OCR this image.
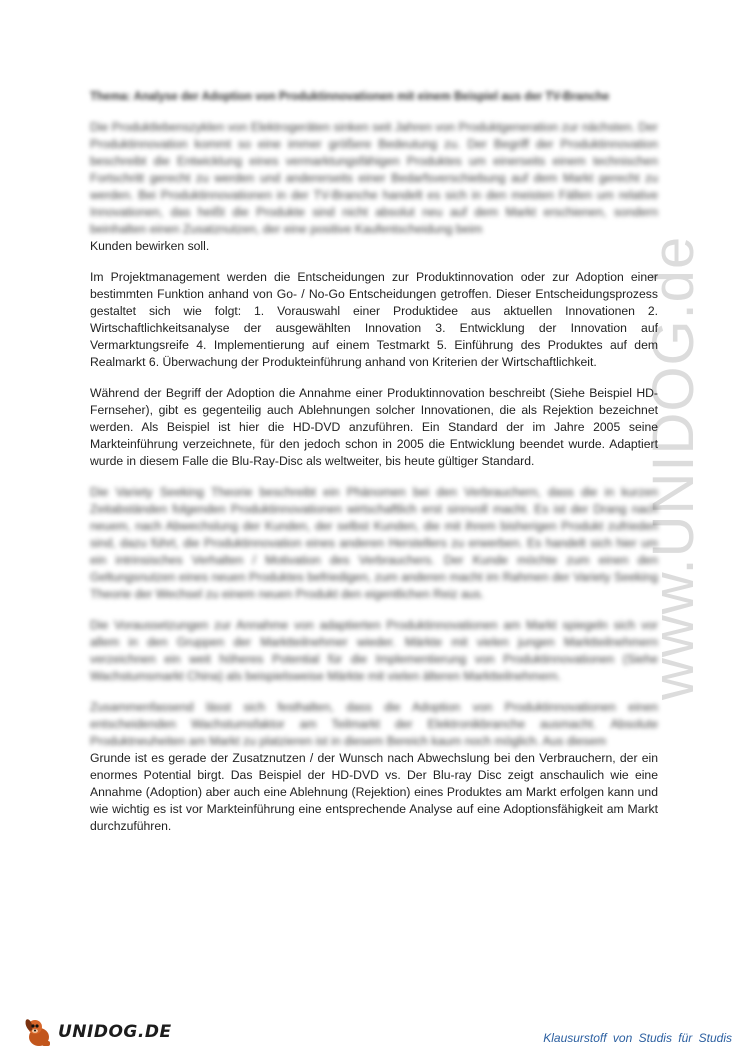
www.UNIDOG.de
Thema: Analyse der Adoption von Produktinnovationen mit einem Beispiel aus der TV-Branche
Die Produktlebenszyklen von Elektrogeräten sinken seit Jahren von Produktgeneration zur nächsten. Der Produktinnovation kommt so eine immer größere Bedeutung zu. Der Begriff der Produktinnovation beschreibt die Entwicklung eines vermarktungsfähigen Produktes um einerseits einem technischen Fortschritt gerecht zu werden und andererseits einer Bedarfsverschiebung auf dem Markt gerecht zu werden. Bei Produktinnovationen in der TV-Branche handelt es sich in den meisten Fällen um relative Innovationen, das heißt die Produkte sind nicht absolut neu auf dem Markt erschienen, sondern beinhalten einen Zusatznutzen, der eine positive Kaufentscheidung beim
Kunden bewirken soll.

Im Projektmanagement werden die Entscheidungen zur Produktinnovation oder zur Adoption einer bestimmten Funktion anhand von Go- / No-Go Entscheidungen getroffen. Dieser Entscheidungsprozess gestaltet sich wie folgt: 1. Vorauswahl einer Produktidee aus aktuellen Innovationen 2. Wirtschaftlichkeitsanalyse der ausgewählten Innovation 3. Entwicklung der Innovation auf Vermarktungsreife 4. Implementierung auf einem Testmarkt 5. Einführung des Produktes auf dem Realmarkt 6. Überwachung der Produkteinführung anhand von Kriterien der Wirtschaftlichkeit.

Während der Begriff der Adoption die Annahme einer Produktinnovation beschreibt (Siehe Beispiel HD-Fernseher), gibt es gegenteilig auch Ablehnungen solcher Innovationen, die als Rejektion bezeichnet werden. Als Beispiel ist hier die HD-DVD anzuführen. Ein Standard der im Jahre 2005 seine Markteinführung verzeichnete, für den jedoch schon in 2005 die Entwicklung beendet wurde. Adaptiert wurde in diesem Falle die Blu-Ray-Disc als weltweiter, bis heute gültiger Standard.

Die Variety Seeking Theorie beschreibt ein Phänomen bei den Verbrauchern, dass die in kurzen Zeitabständen folgenden Produktinnovationen wirtschaftlich erst sinnvoll macht. Es ist der Drang nach neuem, nach Abwechslung der Kunden, der selbst Kunden, die mit ihrem bisherigen Produkt zufrieden sind, dazu führt, die Produktinnovation eines anderen Herstellers zu erwerben. Es handelt sich hier um ein intrinsisches Verhalten / Motivation des Verbrauchers. Der Kunde möchte zum einen den Geltungsnutzen eines neuen Produktes befriedigen, zum anderen macht im Rahmen der Variety Seeking Theorie der Wechsel zu einem neuen Produkt den eigentlichen Reiz aus.

Die Voraussetzungen zur Annahme von adaptierten Produktinnovationen am Markt spiegeln sich vor allem in den Gruppen der Marktteilnehmer wieder. Märkte mit vielen jungen Marktteilnehmern verzeichnen ein weit höheres Potential für die Implementierung von Produktinnovationen (Siehe Wachstumsmarkt China) als beispielsweise Märkte mit vielen älteren Marktteilnehmern.

Zusammenfassend lässt sich festhalten, dass die Adoption von Produktinnovationen einen entscheidenden Wachstumsfaktor am Teilmarkt der Elektronikbranche ausmacht. Absolute Produktneuheiten am Markt zu platzieren ist in diesem Bereich kaum noch möglich. Aus diesem
Grunde ist es gerade der Zusatznutzen / der Wunsch nach Abwechslung bei den Verbrauchern, der ein enormes Potential birgt. Das Beispiel der HD-DVD vs. Der Blu-ray Disc zeigt anschaulich wie eine Annahme (Adoption) aber auch eine Ablehnung (Rejektion) eines Produktes am Markt erfolgen kann und wie wichtig es ist vor Markteinführung eine entsprechende Analyse auf eine Adoptionsfähigkeit am Markt durchzuführen.
UNIDOG.DE	Klausurstoff von Studis für Studis
